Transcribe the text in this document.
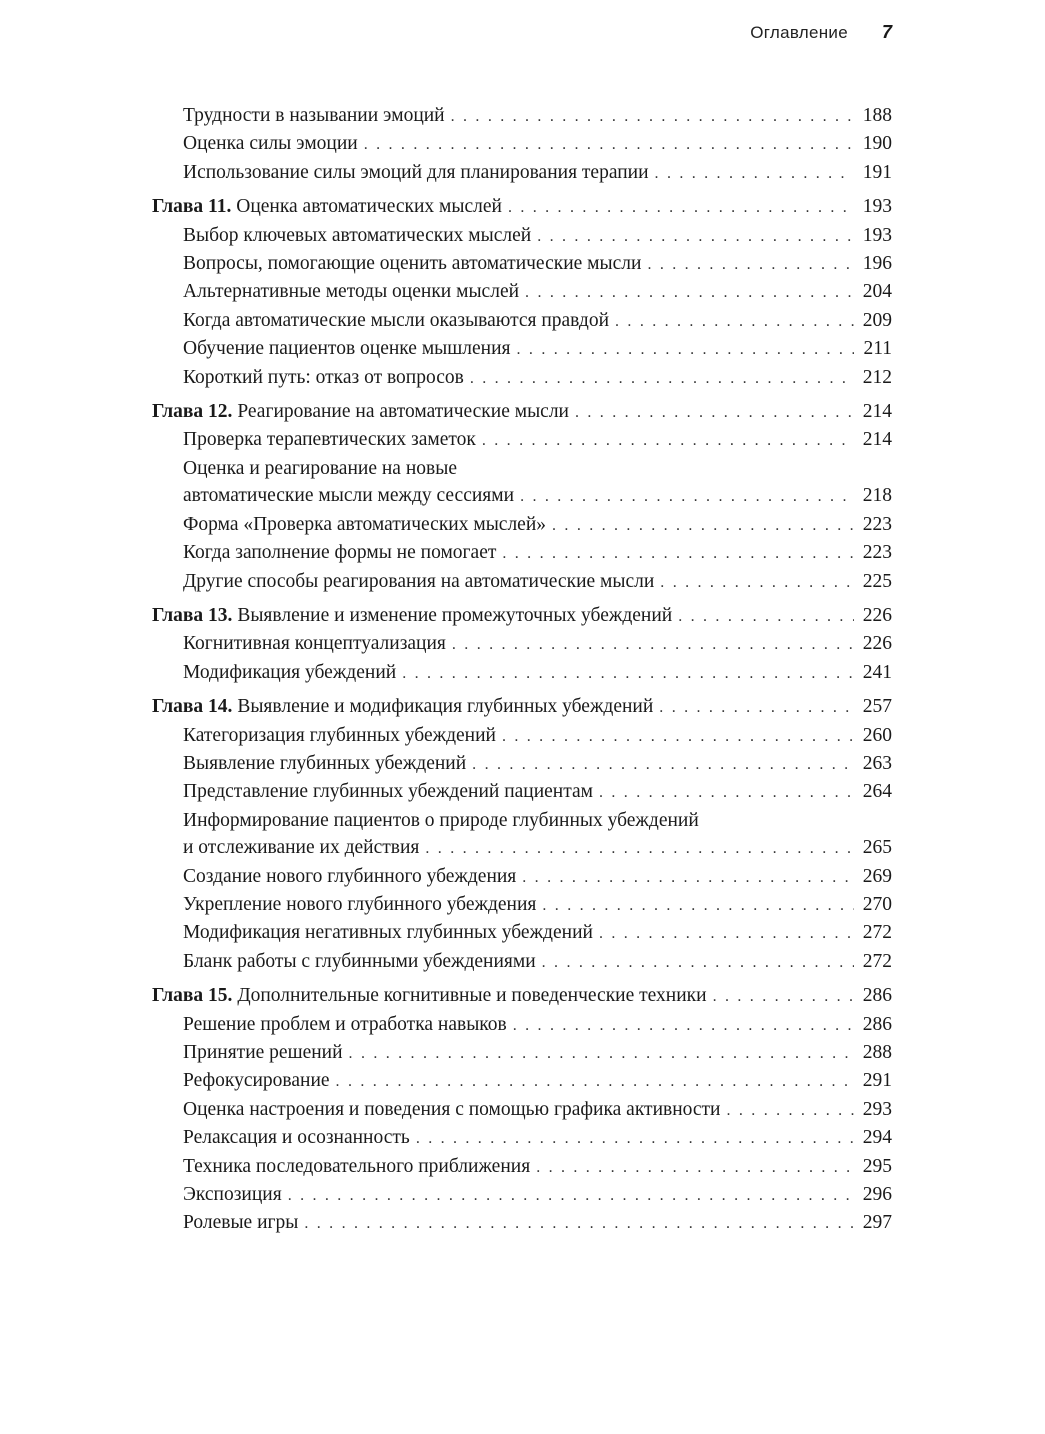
Оглавление 7
Трудности в назывании эмоций . . .	188
Оценка силы эмоции . . .	190
Использование силы эмоций для планирования терапии . . .	191
Глава 11. Оценка автоматических мыслей . . .	193
Выбор ключевых автоматических мыслей . . .	193
Вопросы, помогающие оценить автоматические мысли . . .	196
Альтернативные методы оценки мыслей . . .	204
Когда автоматические мысли оказываются правдой . . .	209
Обучение пациентов оценке мышления . . .	211
Короткий путь: отказ от вопросов . . .	212
Глава 12. Реагирование на автоматические мысли . . .	214
Проверка терапевтических заметок . . .	214
Оценка и реагирование на новые
автоматические мысли между сессиями . . .	218
Форма «Проверка автоматических мыслей» . . .	223
Когда заполнение формы не помогает . . .	223
Другие способы реагирования на автоматические мысли . . .	225
Глава 13. Выявление и изменение промежуточных убеждений . . .	226
Когнитивная концептуализация . . .	226
Модификация убеждений . . .	241
Глава 14. Выявление и модификация глубинных убеждений . . .	257
Категоризация глубинных убеждений . . .	260
Выявление глубинных убеждений . . .	263
Представление глубинных убеждений пациентам . . .	264
Информирование пациентов о природе глубинных убеждений
и отслеживание их действия . . .	265
Создание нового глубинного убеждения . . .	269
Укрепление нового глубинного убеждения . . .	270
Модификация негативных глубинных убеждений . . .	272
Бланк работы с глубинными убеждениями . . .	272
Глава 15. Дополнительные когнитивные и поведенческие техники . . .	286
Решение проблем и отработка навыков . . .	286
Принятие решений . . .	288
Рефокусирование . . .	291
Оценка настроения и поведения с помощью графика активности . . .	293
Релаксация и осознанность . . .	294
Техника последовательного приближения . . .	295
Экспозиция . . .	296
Ролевые игры . . .	297
